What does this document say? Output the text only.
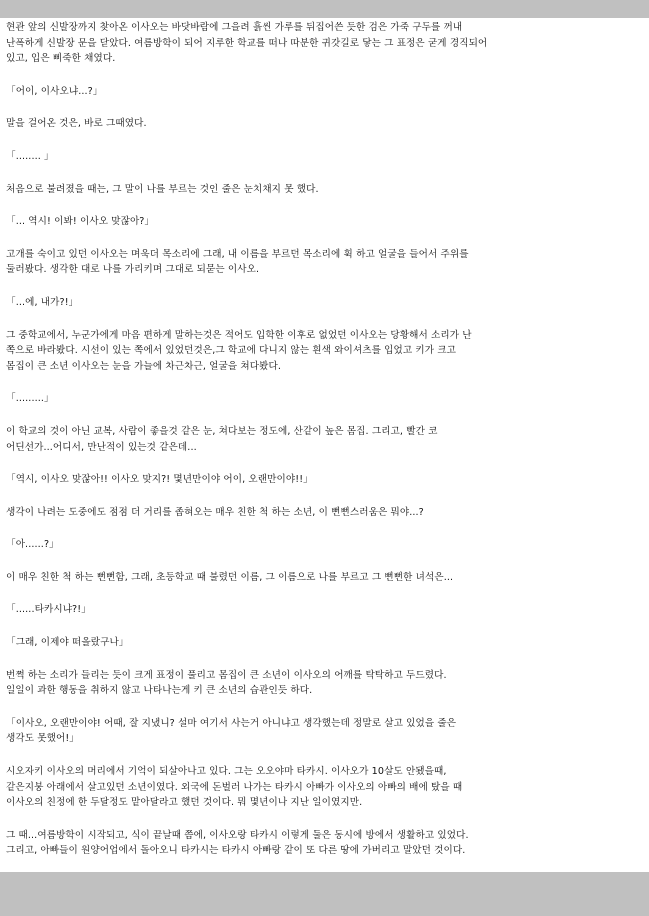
현관 앞의 신발장까지 찾아온 이사오는 바닷바람에 그을려 흙씬 가루를 뒤집어쓴 듯한 검은 가죽 구두를 꺼내
난폭하게 신발장 문을 닫았다. 여름방학이 되어 지루한 학교를 떠나 따분한 귀갓길로 닿는 그 표정은 굳게 경직되어
있고, 입은 삐죽한 채였다.
「어이, 이사오냐...?」
말을 걸어온 것은, 바로 그때였다.
「........ 」
처음으로 불려졌을 때는, 그 말이 나를 부르는 것인 줄은 눈치채지 못 했다.
「... 역시! 이봐! 이사오 맞잖아?」
고개를 숙이고 있던 이사오는 며욱더 목소리에 그래, 내 이름을 부르던 목소리에 휙 하고 얼굴을 들어서 주위를
둘러봤다. 생각한 대로 나를 가리키며 그대로 되묻는 이사오.
「...에, 내가?!」
그 중학교에서, 누군가에게 마음 편하게 말하는것은 적어도 입학한 이후로 없었던 이사오는 당황해서 소리가 난
쪽으로 바라봤다. 시선이 있는 쪽에서 있었던것은,그 학교에 다니지 않는 흰색 와이셔츠를 입었고 키가 크고
몸집이 큰 소년 이사오는 눈을 가늘에 차근차근, 얼굴을 쳐다봤다.
「.........」
이 학교의 것이 아닌 교복, 사람이 좋을것 같은 눈, 쳐다보는 정도에, 산같이 높은 몸집. 그리고, 빨간 코
어딘선가...어디서, 만난적이 있는것 같은데...
「역시, 이사오 맞잖아!! 이사오 맞지?! 몇년만이야 어이, 오랜만이야!!」
생각이 나려는 도중에도 점점 더 거리를 좁혀오는 매우 친한 척 하는 소년, 이 뻔뻔스러움은 뭐야...?
「아......?」
이 매우 친한 척 하는 뻔뻔함, 그래, 초등학교 때 불렸던 이름, 그 이름으로 나를 부르고 그 뻔뻔한 녀석은...
「......타카시냐?!」
「그래, 이제야 떠올랐구나」
번쩍 하는 소리가 들리는 듯이 크게 표정이 풀리고 몸집이 큰 소년이 이사오의 어깨를 탁탁하고 두드렸다.
일일이 과한 행동을 취하지 않고 나타나는게 키 큰 소년의 습관인듯 하다.
「이사오, 오랜만이야! 어때, 잘 지냈니? 설마 여기서 사는거 아니냐고 생각했는데 정말로 살고 있었을 줄은
생각도 못했어!」
시오자키 이사오의 머리에서 기억이 되살아나고 있다. 그는 오오야마 타카시. 이사오가 10살도 안됐을때,
같은지붕 아래에서 살고있던 소년이였다. 외국에 돈벌러 나가는 타카시 아빠가 이사오의 아빠의 배에 탔을 때
이사오의 친정에 한 두달정도 맡아달라고 했던 것이다. 뭐 몇년이나 지난 일이였지만.
그 때...여름방학이 시작되고, 식이 끝날때 쯤에, 이사오랑 타카시 이렇게 둘은 동시에 방에서 생활하고 있었다.
그리고, 아빠들이 원양어업에서 돌아오니 타카시는 타카시 아빠랑 같이 또 다른 땅에 가버리고 말았던 것이다.
